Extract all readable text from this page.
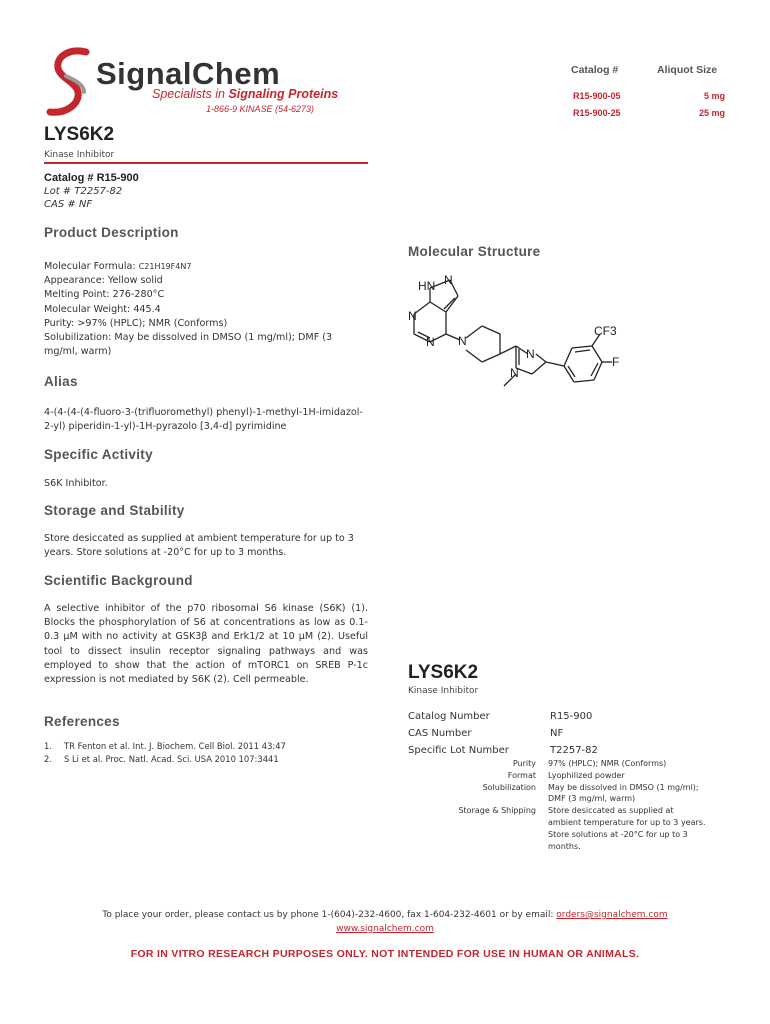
SignalChem
Specialists in Signaling Proteins
1-866-9 KINASE (54-6273)
Catalog #	Aliquot Size
R15-900-05	5 mg
R15-900-25	25 mg
LYS6K2
Kinase Inhibitor
Catalog # R15-900
Lot # T2257-82
CAS # NF
Product Description
Molecular Formula: C21H19F4N7
Appearance: Yellow solid
Melting Point: 276-280°C
Molecular Weight: 445.4
Purity: >97% (HPLC); NMR (Conforms)
Solubilization: May be dissolved in DMSO (1 mg/ml); DMF (3 mg/ml, warm)
Molecular Structure
HN N
N
N N
N
N
CF3
F
Alias
4-(4-(4-(4-fluoro-3-(trifluoromethyl) phenyl)-1-methyl-1H-imidazol-2-yl) piperidin-1-yl)-1H-pyrazolo [3,4-d] pyrimidine
Specific Activity
S6K Inhibitor.
Storage and Stability
Store desiccated as supplied at ambient temperature for up to 3 years. Store solutions at -20°C for up to 3 months.
Scientific Background
A selective inhibitor of the p70 ribosomal S6 kinase (S6K) (1). Blocks the phosphorylation of S6 at concentrations as low as 0.1-0.3 μM with no activity at GSK3β and Erk1/2 at 10 μM (2). Useful tool to dissect insulin receptor signaling pathways and was employed to show that the action of mTORC1 on SREB P-1c expression is not mediated by S6K (2). Cell permeable.
References
1. TR Fenton et al. Int. J. Biochem. Cell Biol. 2011 43:47
2. S Li et al. Proc. Natl. Acad. Sci. USA 2010 107:3441
LYS6K2
Kinase Inhibitor
Catalog Number	R15-900
CAS Number	NF
Specific Lot Number	T2257-82
Purity 97% (HPLC); NMR (Conforms)
Format Lyophilized powder
Solubilization May be dissolved in DMSO (1 mg/ml);
DMF (3 mg/ml, warm)
Storage & Shipping Store desiccated as supplied at
ambient temperature for up to 3 years.
Store solutions at -20°C for up to 3
months.
To place your order, please contact us by phone 1-(604)-232-4600, fax 1-604-232-4601 or by email: orders@signalchem.com
www.signalchem.com
FOR IN VITRO RESEARCH PURPOSES ONLY. NOT INTENDED FOR USE IN HUMAN OR ANIMALS.
